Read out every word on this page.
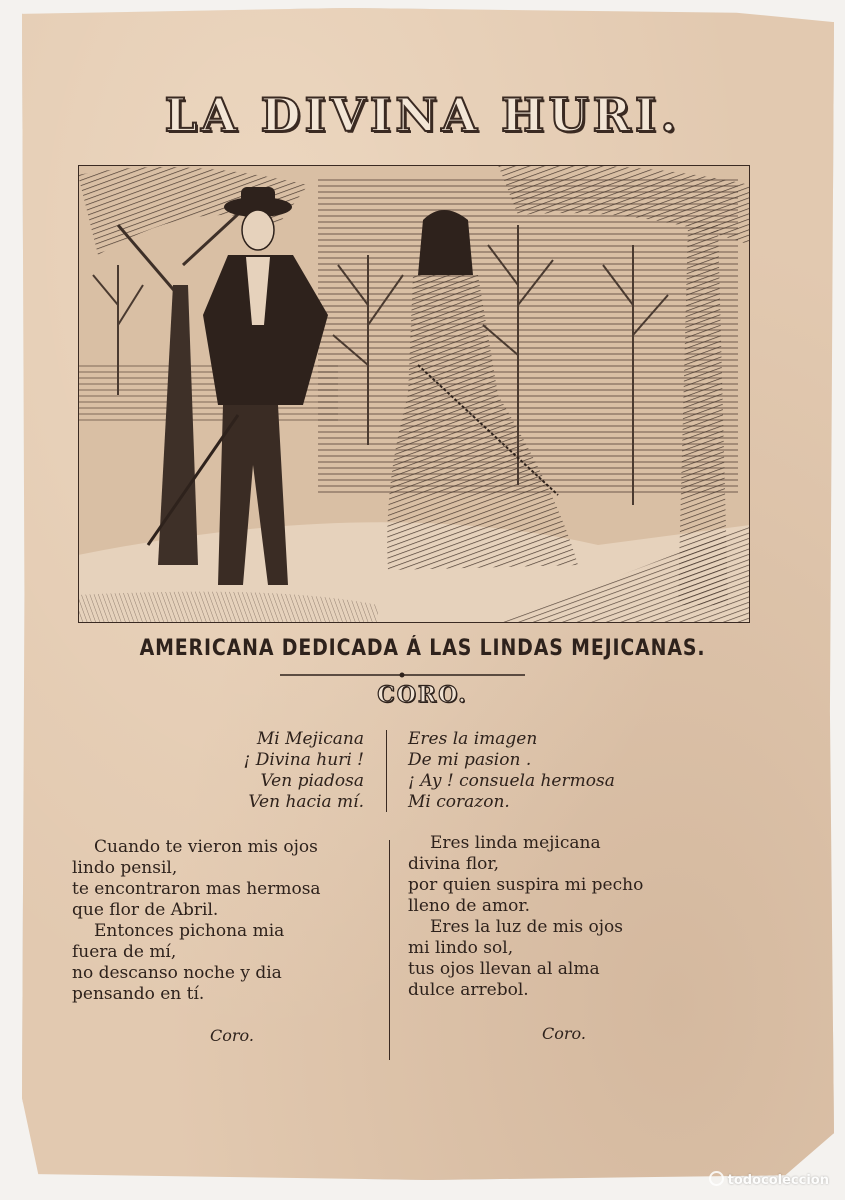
LA DIVINA HURI.
AMERICANA DEDICADA Á LAS LINDAS MEJICANAS.
CORO.
Mi Mejicana
¡ Divina huri !
Ven piadosa
Ven hacia mí.
Eres la imagen
De mi pasion .
¡ Ay ! consuela hermosa
Mi corazon.
Cuando te vieron mis ojos
lindo pensil,
te encontraron mas hermosa
que flor de Abril.
Entonces pichona mia
fuera de mí,
no descanso noche y dia
pensando en tí.
Coro.
Eres linda mejicana
divina flor,
por quien suspira mi pecho
lleno de amor.
Eres la luz de mis ojos
mi lindo sol,
tus ojos llevan al alma
dulce arrebol.
Coro.
todocoleccion
